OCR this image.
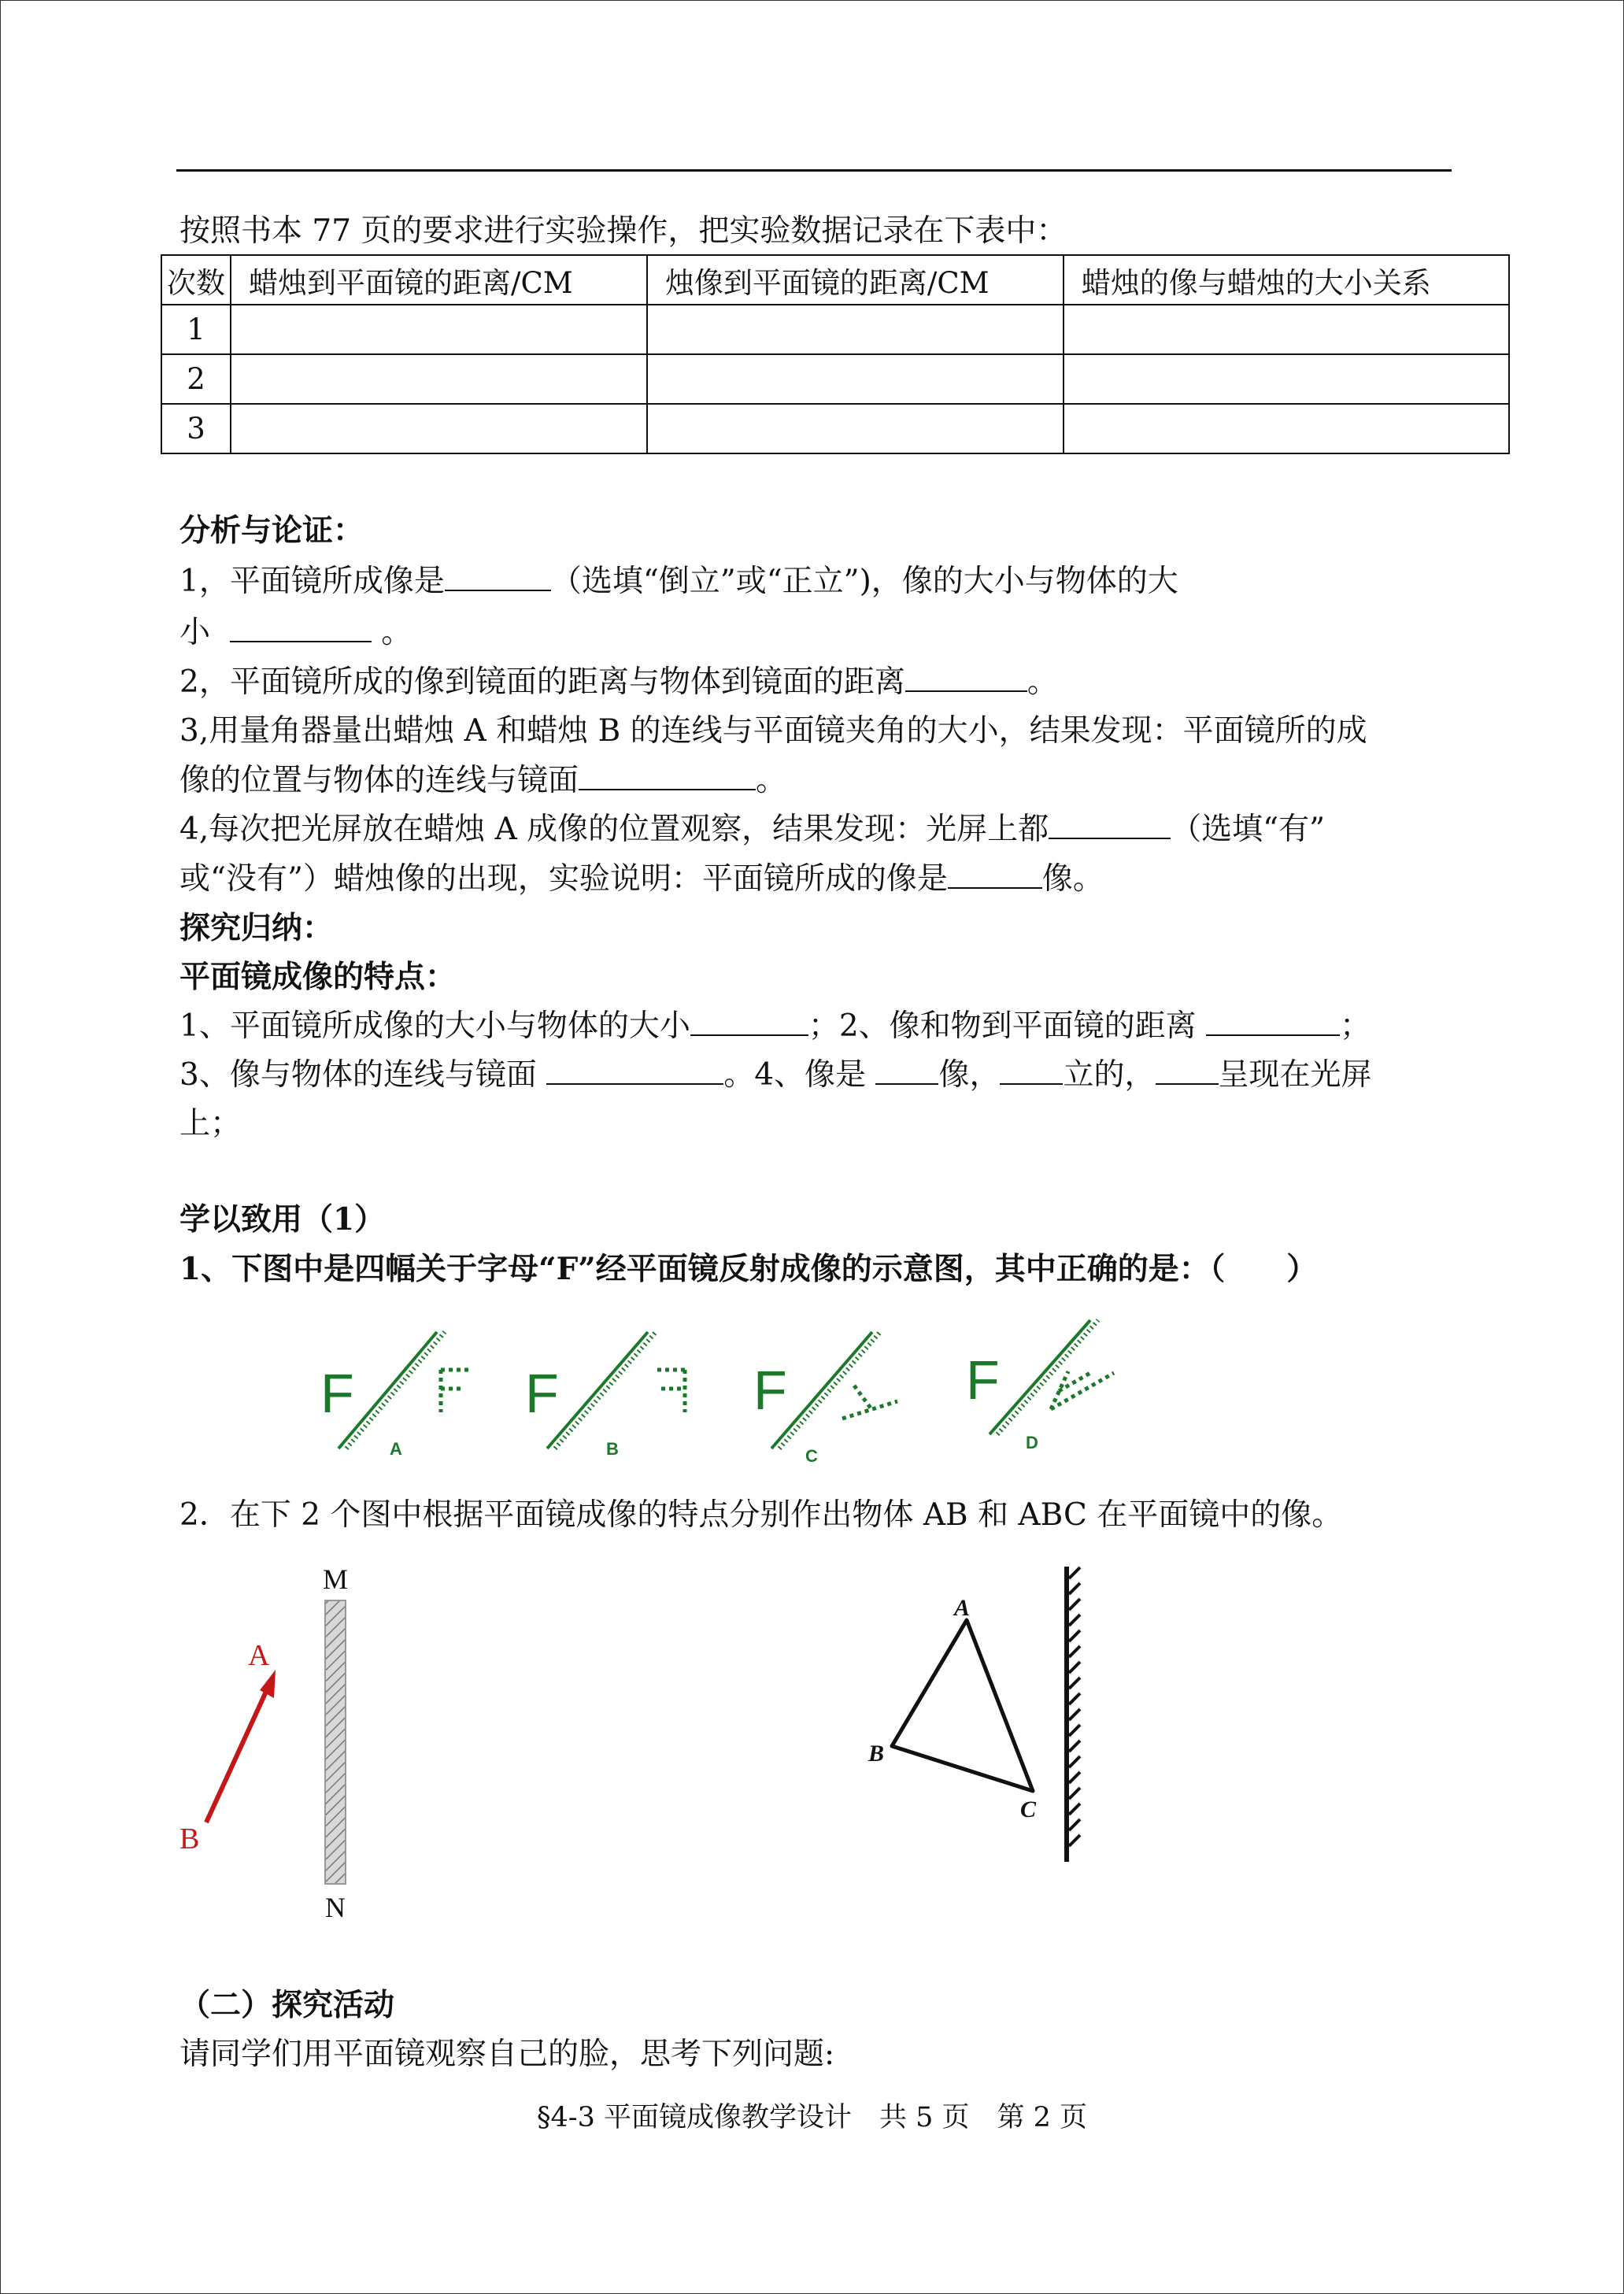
按照书本 77 页的要求进行实验操作，把实验数据记录在下表中：
次数	蜡烛到平面镜的距离/CM	烛像到平面镜的距离/CM	蜡烛的像与蜡烛的大小关系
1			
2			
3			
分析与论证：
1，平面镜所成像是	（选填“倒立”或“正立”)，像的大小与物体的大
小	。
2，平面镜所成的像到镜面的距离与物体到镜面的距离	。
3,用量角器量出蜡烛 A 和蜡烛 B 的连线与平面镜夹角的大小，结果发现：平面镜所的成
像的位置与物体的连线与镜面	。
4,每次把光屏放在蜡烛 A 成像的位置观察，结果发现：光屏上都	（选填“有”
或“没有”）蜡烛像的出现，实验说明：平面镜所成的像是	像。
探究归纳：
平面镜成像的特点：
1、平面镜所成像的大小与物体的大小	；2、像和物到平面镜的距离	；
3、像与物体的连线与镜面	。4、像是 像， 立的， 呈现在光屏
上；
学以致用（1）
1、下图中是四幅关于字母“F”经平面镜反射成像的示意图，其中正确的是：（　　）
F
A
F
B
F
C
F
D
2．在下 2 个图中根据平面镜成像的特点分别作出物体 AB 和 ABC 在平面镜中的像。
M
N
A
B
A
B
C
（二）探究活动
请同学们用平面镜观察自己的脸，思考下列问题:
§4-3 平面镜成像教学设计　共 5 页　第 2 页
